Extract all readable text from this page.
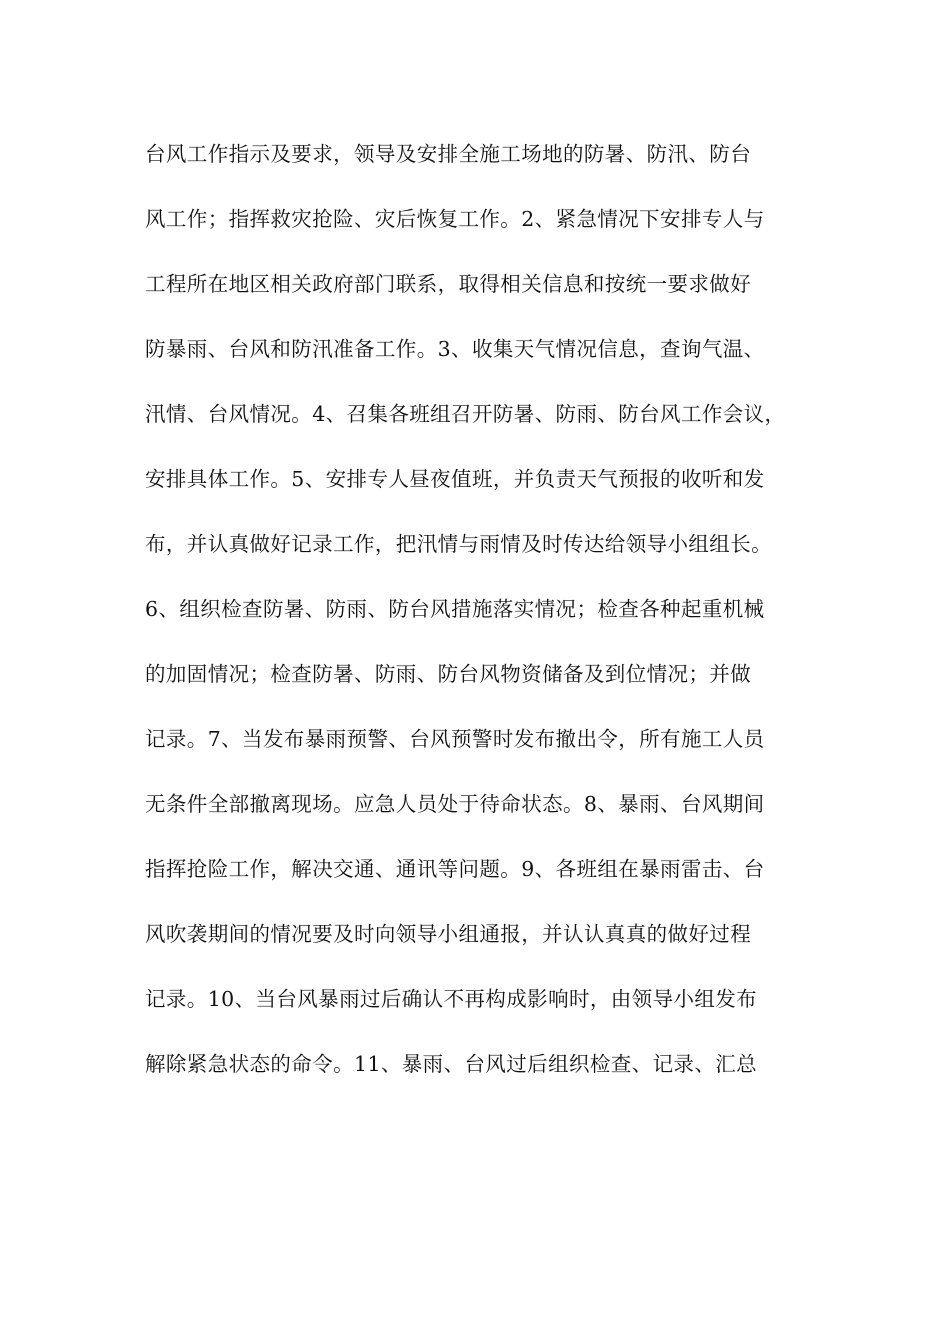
台风工作指示及要求，领导及安排全施工场地的防暑、防汛、防台
风工作；指挥救灾抢险、灾后恢复工作。2、紧急情况下安排专人与
工程所在地区相关政府部门联系，取得相关信息和按统一要求做好
防暴雨、台风和防汛准备工作。3、收集天气情况信息，查询气温、
汛情、台风情况。4、召集各班组召开防暑、防雨、防台风工作会议，
安排具体工作。5、安排专人昼夜值班，并负责天气预报的收听和发
布，并认真做好记录工作，把汛情与雨情及时传达给领导小组组长。
6、组织检查防暑、防雨、防台风措施落实情况；检查各种起重机械
的加固情况；检查防暑、防雨、防台风物资储备及到位情况；并做
记录。7、当发布暴雨预警、台风预警时发布撤出令，所有施工人员
无条件全部撤离现场。应急人员处于待命状态。8、暴雨、台风期间
指挥抢险工作，解决交通、通讯等问题。9、各班组在暴雨雷击、台
风吹袭期间的情况要及时向领导小组通报，并认认真真的做好过程
记录。10、当台风暴雨过后确认不再构成影响时，由领导小组发布
解除紧急状态的命令。11、暴雨、台风过后组织检查、记录、汇总
